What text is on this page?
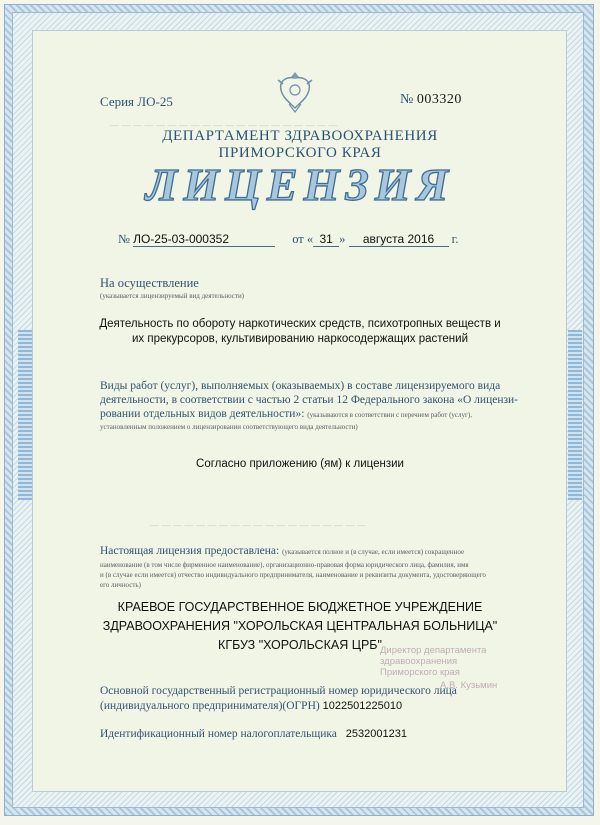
— — — — — — — — — — — — — — — — — — — —
— — — — — — — — — — — — — — — — — — —
Серия ЛО-25	№ 003320
ДЕПАРТАМЕНТ ЗДРАВООХРАНЕНИЯ
ПРИМОРСКОГО КРАЯ
ЛИЦЕНЗИЯ
№ ЛО-25-03-000352	от « 31 » августа 2016 г.
На осуществление
(указывается лицензируемый вид деятельности)
Деятельность по обороту наркотических средств, психотропных веществ и
их прекурсоров, культивированию наркосодержащих растений
Виды работ (услуг), выполняемых (оказываемых) в составе лицензируемого вида
деятельности, в соответствии с частью 2 статьи 12 Федерального закона «О лицензи-
ровании отдельных видов деятельности»: (указываются в соответствии с перечнем работ (услуг),
установленным положением о лицензировании соответствующего вида деятельности)
Согласно приложению (ям) к лицензии
Настоящая лицензия предоставлена: (указывается полное и (в случае, если имеется) сокращенное
наименование (в том числе фирменное наименование), организационно-правовая форма юридического лица, фамилия, имя
и (в случае если имеется) отчество индивидуального предпринимателя, наименование и реквизиты документа, удостоверяющего
его личность)
КРАЕВОЕ ГОСУДАРСТВЕННОЕ БЮДЖЕТНОЕ УЧРЕЖДЕНИЕ
ЗДРАВООХРАНЕНИЯ "ХОРОЛЬСКАЯ ЦЕНТРАЛЬНАЯ БОЛЬНИЦА"
КГБУЗ "ХОРОЛЬСКАЯ ЦРБ"
Директор департамента
здравоохранения
Приморского края
А.В. Кузьмин
Основной государственный регистрационный номер юридического лица
(индивидуального предпринимателя)(ОГРН) 1022501225010
Идентификационный номер налогоплательщика 2532001231
